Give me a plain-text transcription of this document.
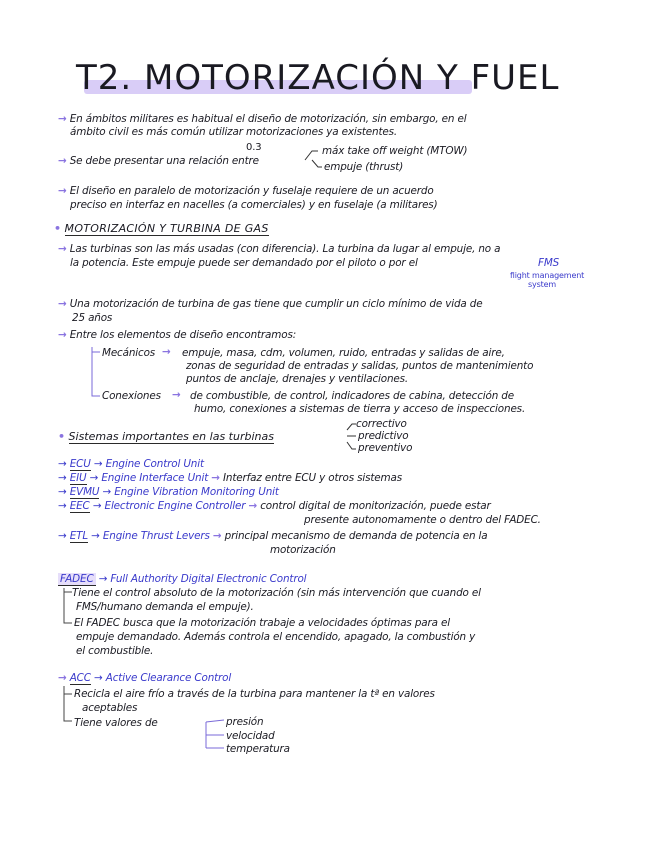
T2. MOTORIZACIÓN Y FUEL
→ En ámbitos militares es habitual el diseño de motorización, sin embargo, en el
ámbito civil es más común utilizar motorizaciones ya existentes.
→ Se debe presentar una relación entre
0.3	máx take off weight (MTOW)
empuje (thrust)
→ El diseño en paralelo de motorización y fuselaje requiere de un acuerdo
preciso en interfaz en nacelles (a comerciales) y en fuselaje (a militares)
• MOTORIZACIÓN Y TURBINA DE GAS
→ Las turbinas son las más usadas (con diferencia). La turbina da lugar al empuje, no a
la potencia. Este empuje puede ser demandado por el piloto o por el	FMS
flight management
system
→ Una motorización de turbina de gas tiene que cumplir un ciclo mínimo de vida de
25 años
→ Entre los elementos de diseño encontramos:
Mecánicos → empuje, masa, cdm, volumen, ruido, entradas y salidas de aire,
zonas de seguridad de entradas y salidas, puntos de mantenimiento
puntos de anclaje, drenajes y ventilaciones.
Conexiones → de combustible, de control, indicadores de cabina, detección de
humo, conexiones a sistemas de tierra y acceso de inspecciones.
• Sistemas importantes en las turbinas
correctivo
predictivo
preventivo
→ ECU → Engine Control Unit
→ EIU → Engine Interface Unit → Interfaz entre ECU y otros sistemas
→ EVMU → Engine Vibration Monitoring Unit
→ EEC → Electronic Engine Controller → control digital de monitorización, puede estar
presente autonomamente o dentro del FADEC.
→ ETL → Engine Thrust Levers → principal mecanismo de demanda de potencia en la
motorización
FADEC → Full Authority Digital Electronic Control
Tiene el control absoluto de la motorización (sin más intervención que cuando el
FMS/humano demanda el empuje).
El FADEC busca que la motorización trabaje a velocidades óptimas para el
empuje demandado. Además controla el encendido, apagado, la combustión y
el combustible.
→ ACC → Active Clearance Control
Recicla el aire frío a través de la turbina para mantener la tª en valores
aceptables
Tiene valores de	presión
velocidad
temperatura
